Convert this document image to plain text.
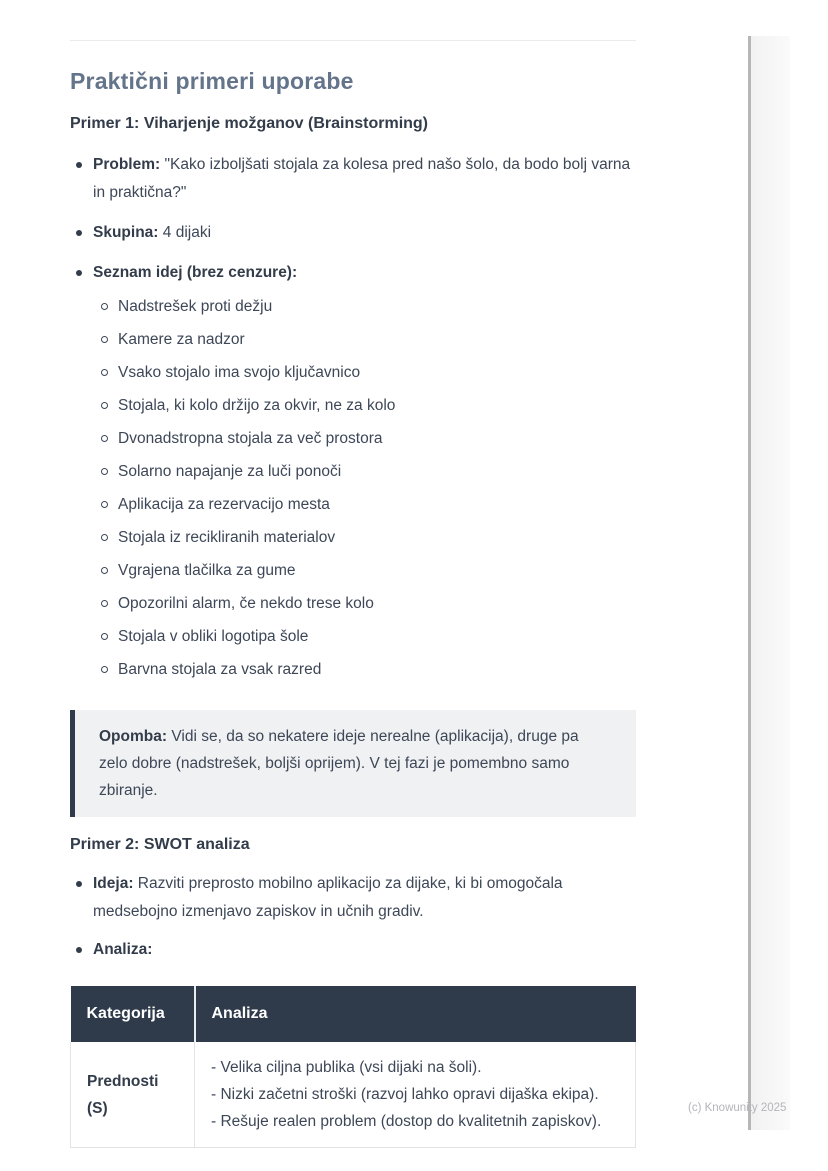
Praktični primeri uporabe
Primer 1: Viharjenje možganov (Brainstorming)
Problem: "Kako izboljšati stojala za kolesa pred našo šolo, da bodo bolj varna in praktična?"
Skupina: 4 dijaki
Seznam idej (brez cenzure):
Nadstrešek proti dežju
Kamere za nadzor
Vsako stojalo ima svojo ključavnico
Stojala, ki kolo držijo za okvir, ne za kolo
Dvonadstropna stojala za več prostora
Solarno napajanje za luči ponoči
Aplikacija za rezervacijo mesta
Stojala iz recikliranih materialov
Vgrajena tlačilka za gume
Opozorilni alarm, če nekdo trese kolo
Stojala v obliki logotipa šole
Barvna stojala za vsak razred
Opomba: Vidi se, da so nekatere ideje nerealne (aplikacija), druge pa zelo dobre (nadstrešek, boljši oprijem). V tej fazi je pomembno samo zbiranje.
Primer 2: SWOT analiza
Ideja: Razviti preprosto mobilno aplikacijo za dijake, ki bi omogočala medsebojno izmenjavo zapiskov in učnih gradiv.
Analiza:
Kategorija	Analiza
Prednosti (S)	- Velika ciljna publika (vsi dijaki na šoli).
- Nizki začetni stroški (razvoj lahko opravi dijaška ekipa).
- Rešuje realen problem (dostop do kvalitetnih zapiskov).
(c) Knowunity 2025
